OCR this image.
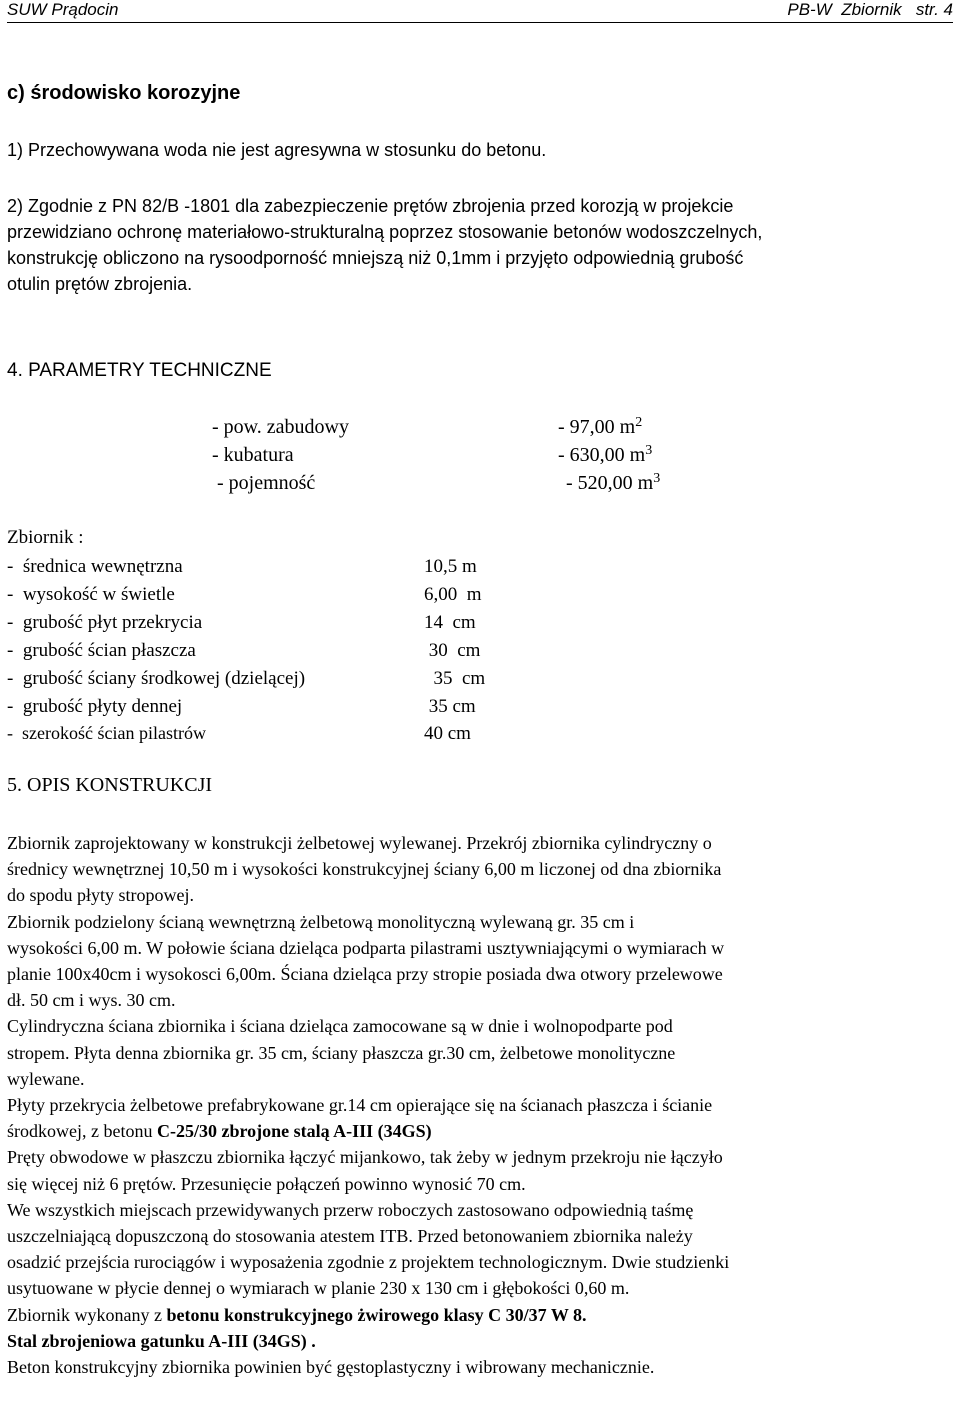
SUW Prądocin	PB-W  Zbiornik   str. 4
c) środowisko korozyjne
1) Przechowywana woda nie jest agresywna w stosunku do betonu.
2) Zgodnie z PN 82/B -1801 dla zabezpieczenie prętów zbrojenia przed korozją w projekcie
przewidziano ochronę materiałowo-strukturalną poprzez stosowanie betonów wodoszczelnych,
konstrukcję obliczono na rysoodporność mniejszą niż 0,1mm i przyjęto odpowiednią grubość
otulin prętów zbrojenia.
4. PARAMETRY TECHNICZNE
- pow. zabudowy	- 97,00 $m^2$
- kubatura	- 630,00 $m^3$
- pojemność	- 520,00 $m^3$
Zbiornik :
-  średnica wewnętrzna	10,5 m
-  wysokość w świetle	6,00  m
-  grubość płyt przekrycia	14  cm
-  grubość ścian płaszcza	30  cm
-  grubość ściany środkowej (dzielącej)	35  cm
-  grubość płyty dennej	35 cm
-  szerokość ścian pilastrów	40 cm
5. OPIS KONSTRUKCJI
Zbiornik zaprojektowany w konstrukcji żelbetowej wylewanej. Przekrój zbiornika cylindryczny o
średnicy wewnętrznej 10,50 m i wysokości konstrukcyjnej ściany 6,00 m liczonej od dna zbiornika
do spodu płyty stropowej.
Zbiornik podzielony ścianą wewnętrzną żelbetową monolityczną wylewaną gr. 35 cm i
wysokości 6,00 m. W połowie ściana dzieląca podparta pilastrami usztywniającymi o wymiarach w
planie 100x40cm i wysokosci 6,00m. Ściana dzieląca przy stropie posiada dwa otwory przelewowe
dł. 50 cm i wys. 30 cm.
Cylindryczna ściana zbiornika i ściana dzieląca zamocowane są w dnie i wolnopodparte pod
stropem. Płyta denna zbiornika gr. 35 cm, ściany płaszcza gr.30 cm, żelbetowe monolityczne
wylewane.
Płyty przekrycia żelbetowe prefabrykowane gr.14 cm opierające się na ścianach płaszcza i ścianie
środkowej, z betonu C-25/30 zbrojone stalą A-III (34GS)
Pręty obwodowe w płaszczu zbiornika łączyć mijankowo, tak żeby w jednym przekroju nie łączyło
się więcej niż 6 prętów. Przesunięcie połączeń powinno wynosić 70 cm.
We wszystkich miejscach przewidywanych przerw roboczych zastosowano odpowiednią taśmę
uszczelniającą dopuszczoną do stosowania atestem ITB. Przed betonowaniem zbiornika należy
osadzić przejścia rurociągów i wyposażenia zgodnie z projektem technologicznym. Dwie studzienki
usytuowane w płycie dennej o wymiarach w planie 230 x 130 cm i głębokości 0,60 m.
Zbiornik wykonany z betonu konstrukcyjnego żwirowego klasy C 30/37 W 8.
Stal zbrojeniowa gatunku A-III (34GS) .
Beton konstrukcyjny zbiornika powinien być gęstoplastyczny i wibrowany mechanicznie.
